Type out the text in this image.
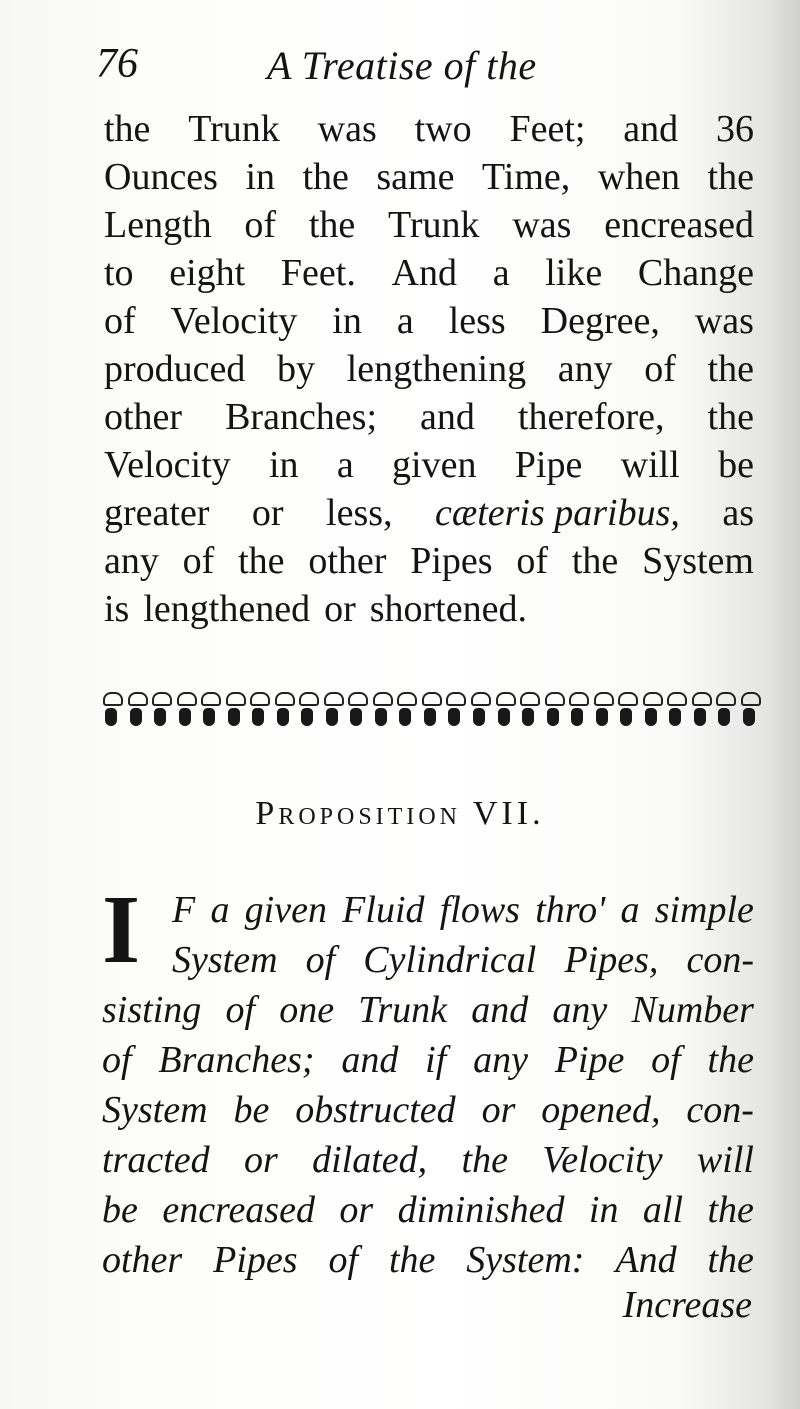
76	A Treatise of the
the Trunk was two Feet; and 36
Ounces in the same Time, when the
Length of the Trunk was encreased
to eight Feet. And a like Change
of Velocity in a less Degree, was
produced by lengthening any of the
other Branches; and therefore, the
Velocity in a given Pipe will be
greater or less, cæteris paribus, as
any of the other Pipes of the System
is lengthened or shortened.
Proposition VII.
I F a given Fluid flows thro' a simple
System of Cylindrical Pipes, con-
sisting of one Trunk and any Number
of Branches; and if any Pipe of the
System be obstructed or opened, con-
tracted or dilated, the Velocity will
be encreased or diminished in all the
other Pipes of the System: And the
Increase
